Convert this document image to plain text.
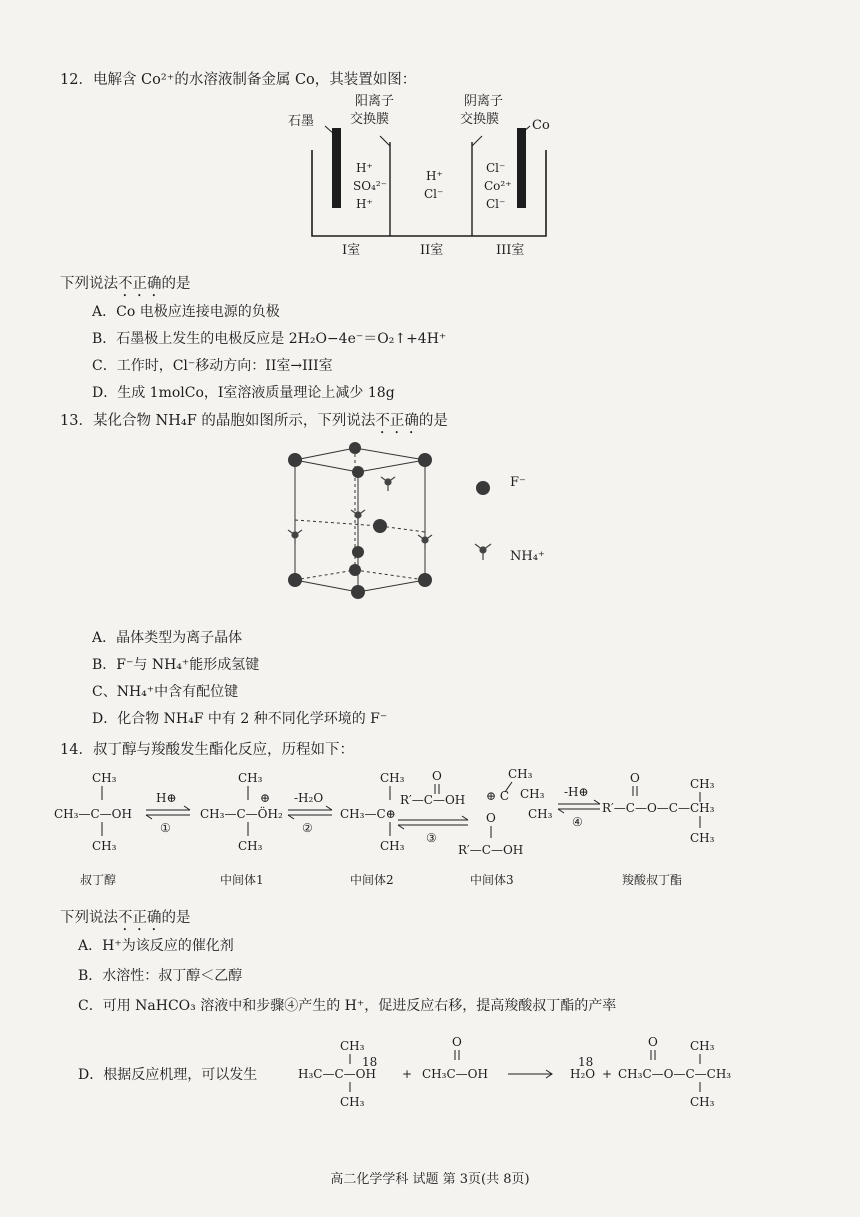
12．电解含 Co²⁺的水溶液制备金属 Co，其装置如图：
石墨
阳离子
交换膜
阴离子
交换膜	Co
H⁺
SO₄²⁻
H⁺
H⁺
Cl⁻
Cl⁻
Co²⁺
Cl⁻
I室	II室	III室
下列说法不正确的是
A．Co 电极应连接电源的负极
B．石墨极上发生的电极反应是 2H₂O−4e⁻＝O₂↑+4H⁺
C．工作时，Cl⁻移动方向：II室→III室
D．生成 1molCo，I室溶液质量理论上减少 18g
13．某化合物 NH₄F 的晶胞如图所示，下列说法不正确的是
F⁻
NH₄⁺
A．晶体类型为离子晶体
B．F⁻与 NH₄⁺能形成氢键
C、NH₄⁺中含有配位键
D．化合物 NH₄F 中有 2 种不同化学环境的 F⁻
14．叔丁醇与羧酸发生酯化反应，历程如下：
CH₃
CH₃—C—OH
CH₃
叔丁醇
H⊕
①
CH₃
CH₃—C—ÖH₂
⊕
CH₃
中间体1
-H₂O
②
CH₃
CH₃—C⊕
CH₃
中间体2
O
R′—C—OH
③
CH₃
⊕ C CH₃
CH₃
O
R′—C—OH
中间体3
-H⊕
④
O	CH₃
R′—C—O—C—CH₃
CH₃
羧酸叔丁酯
下列说法不正确的是
A．H⁺为该反应的催化剂
B．水溶性：叔丁醇＜乙醇
C．可用 NaHCO₃ 溶液中和步骤④产生的 H⁺，促进反应右移，提高羧酸叔丁酯的产率
D．根据反应机理，可以发生
CH₃
H₃C—C—OH
18
CH₃
+
O
CH₃C—OH	H₂O
18
+
O	CH₃
CH₃C—O—C—CH₃
CH₃
高二化学学科 试题 第 3页(共 8页)
